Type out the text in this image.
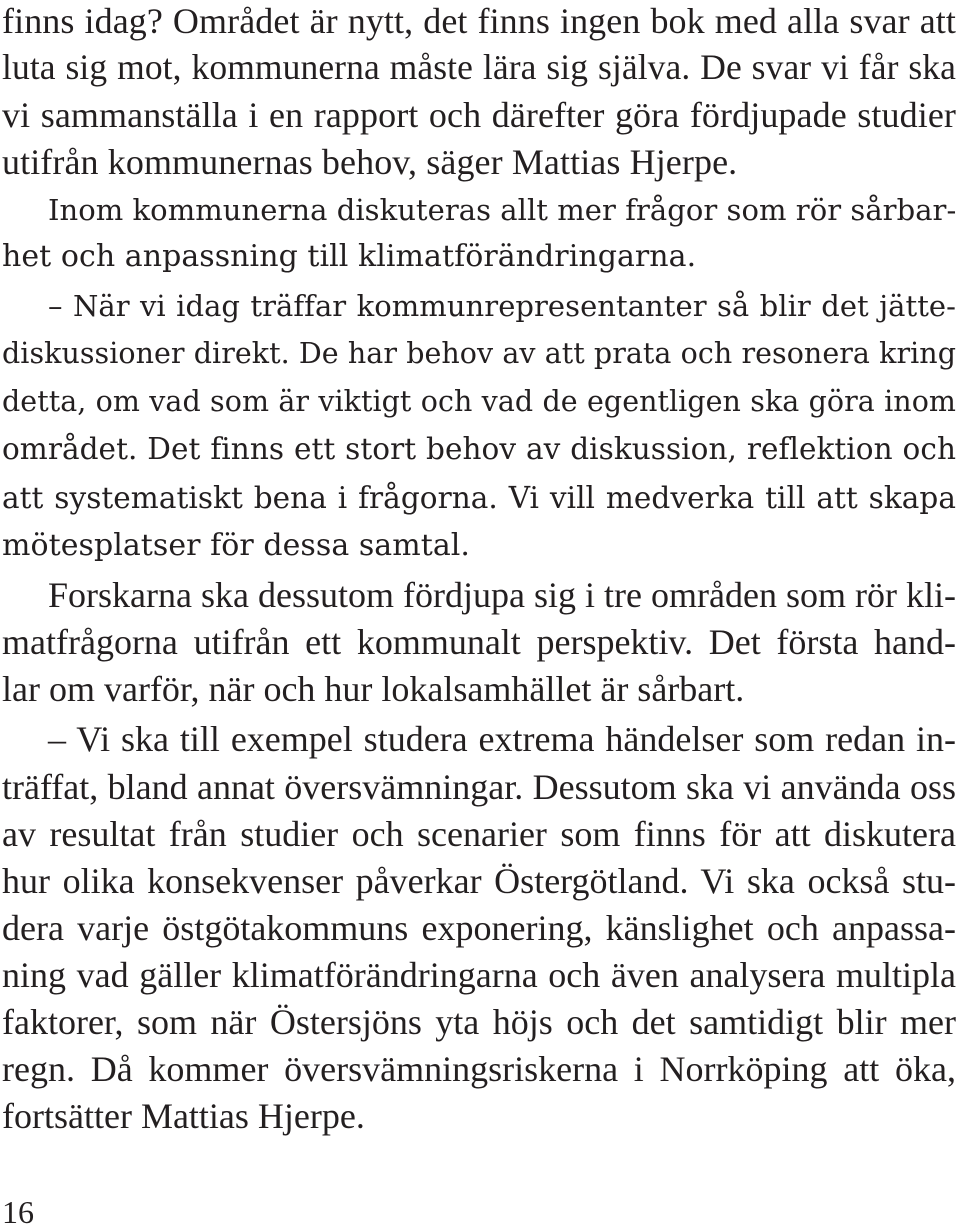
finns idag? Området är nytt, det finns ingen bok med alla svar att
luta sig mot, kommunerna måste lära sig själva. De svar vi får ska
vi sammanställa i en rapport och därefter göra fördjupade studier
utifrån kommunernas behov, säger Mattias Hjerpe.
Inom kommunerna diskuteras allt mer frågor som rör sårbar-
het och anpassning till klimatförändringarna.
– När vi idag träffar kommunrepresentanter så blir det jätte-
diskussioner direkt. De har behov av att prata och resonera kring
detta, om vad som är viktigt och vad de egentligen ska göra inom
området. Det finns ett stort behov av diskussion, reflektion och
att systematiskt bena i frågorna. Vi vill medverka till att skapa
mötesplatser för dessa samtal.
Forskarna ska dessutom fördjupa sig i tre områden som rör kli-
matfrågorna utifrån ett kommunalt perspektiv. Det första hand-
lar om varför, när och hur lokalsamhället är sårbart.
– Vi ska till exempel studera extrema händelser som redan in-
träffat, bland annat översvämningar. Dessutom ska vi använda oss
av resultat från studier och scenarier som finns för att diskutera
hur olika konsekvenser påverkar Östergötland. Vi ska också stu-
dera varje östgötakommuns exponering, känslighet och anpassa-
ning vad gäller klimatförändringarna och även analysera multipla
faktorer, som när Östersjöns yta höjs och det samtidigt blir mer
regn. Då kommer översvämningsriskerna i Norrköping att öka,
fortsätter Mattias Hjerpe.
16
